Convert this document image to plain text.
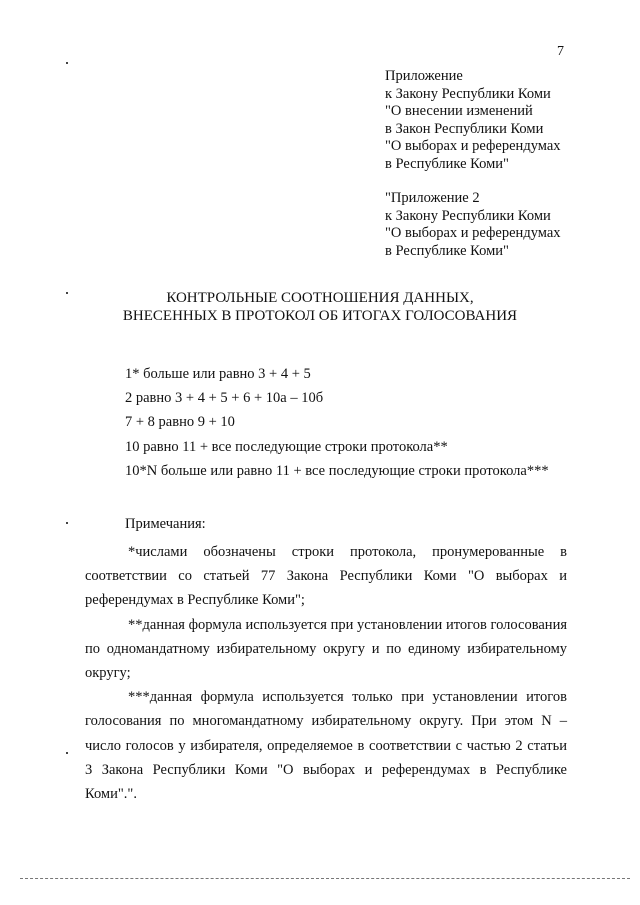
7
Приложение
к Закону Республики Коми
"О внесении изменений
в Закон Республики Коми
"О выборах и референдумах
в Республике Коми"
"Приложение 2
к Закону Республики Коми
"О выборах и референдумах
в Республике Коми"
КОНТРОЛЬНЫЕ СООТНОШЕНИЯ ДАННЫХ,
ВНЕСЕННЫХ В ПРОТОКОЛ ОБ ИТОГАХ ГОЛОСОВАНИЯ
1* больше или равно 3 + 4 + 5
2 равно 3 + 4 + 5 + 6 + 10а – 10б
7 + 8 равно 9 + 10
10 равно 11 + все последующие строки протокола**
10*N больше или равно 11 + все последующие строки протокола***
Примечания:
*числами обозначены строки протокола, пронумерованные в соответствии со статьей 77 Закона Республики Коми "О выборах и референдумах в Республике Коми";
**данная формула используется при установлении итогов голосования по одномандатному избирательному округу и по единому избирательному округу;
***данная формула используется только при установлении итогов голосования по многомандатному избирательному округу. При этом N – число голосов у избирателя, определяемое в соответствии с частью 2 статьи 3 Закона Республики Коми "О выборах и референдумах в Республике Коми".".
